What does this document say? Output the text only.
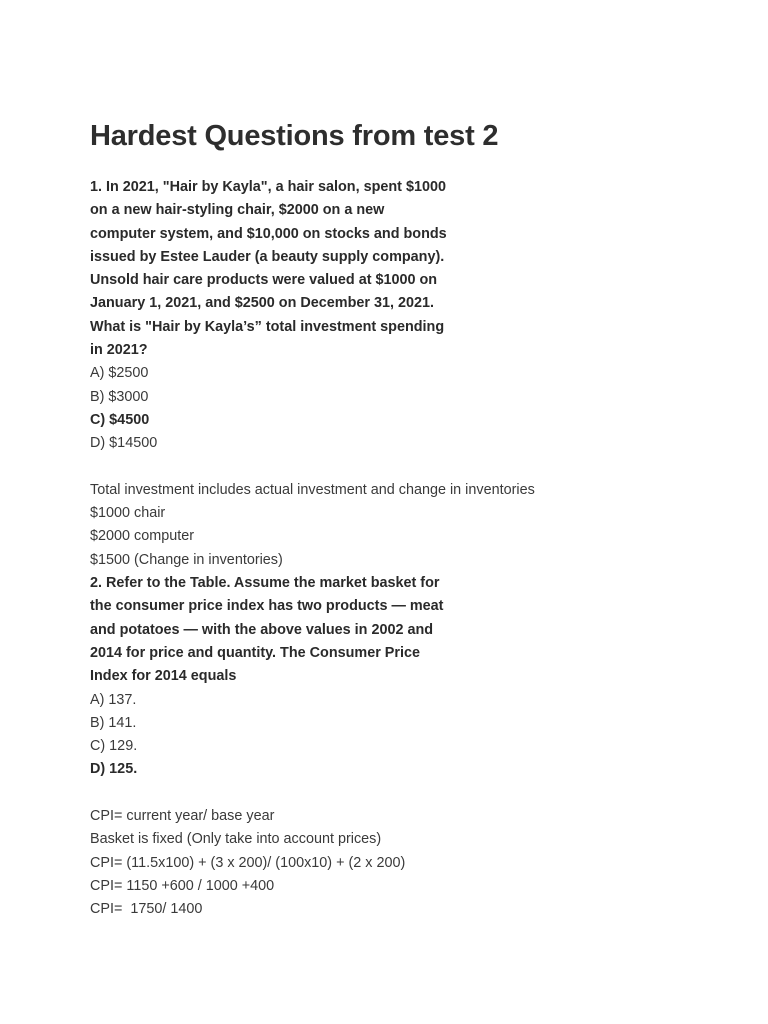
Hardest Questions from test 2
1. In 2021, "Hair by Kayla", a hair salon, spent $1000
on a new hair-styling chair, $2000 on a new
computer system, and $10,000 on stocks and bonds
issued by Estee Lauder (a beauty supply company).
Unsold hair care products were valued at $1000 on
January 1, 2021, and $2500 on December 31, 2021.
What is "Hair by Kayla’s” total investment spending
in 2021?
A) $2500
B) $3000
C) $4500
D) $14500
Total investment includes actual investment and change in inventories
$1000 chair
$2000 computer
$1500 (Change in inventories)
2. Refer to the Table. Assume the market basket for
the consumer price index has two products — meat
and potatoes — with the above values in 2002 and
2014 for price and quantity. The Consumer Price
Index for 2014 equals
A) 137.
B) 141.
C) 129.
D) 125.
CPI= current year/ base year
Basket is fixed (Only take into account prices)
CPI= (11.5x100) + (3 x 200)/ (100x10) + (2 x 200)
CPI= 1150 +600 / 1000 +400
CPI=  1750/ 1400
